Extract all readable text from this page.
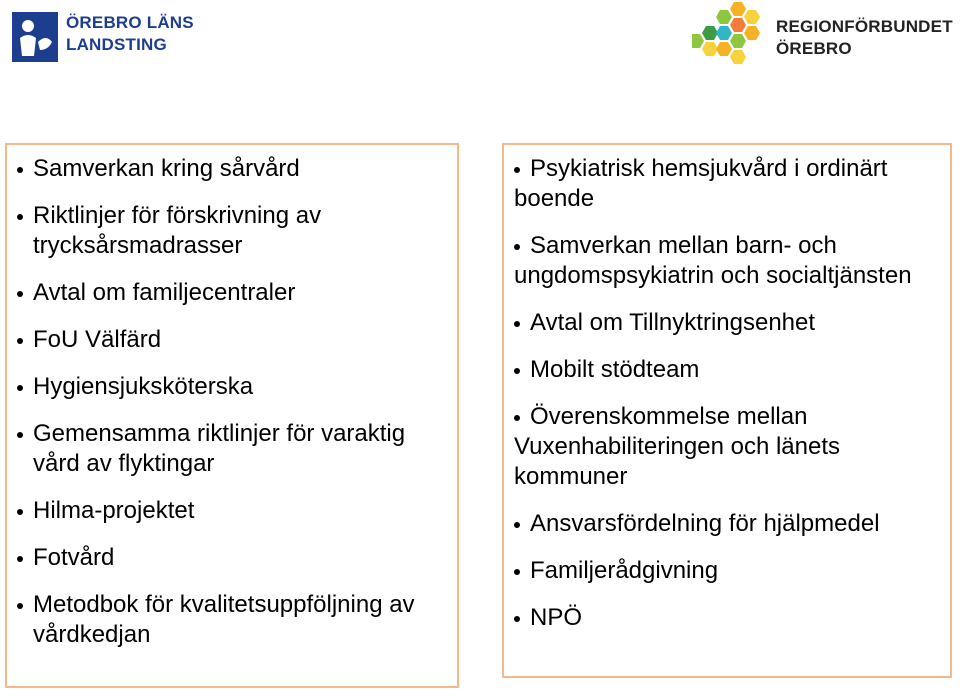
ÖREBRO LÄNS
LANDSTING
REGIONFÖRBUNDET
ÖREBRO
Samverkan kring sårvård
Riktlinjer för förskrivning av trycksårsmadrasser
Avtal om familjecentraler
FoU Välfärd
Hygiensjuksköterska
Gemensamma riktlinjer för varaktig vård av flyktingar
Hilma-projektet
Fotvård
Metodbok för kvalitetsuppföljning av vårdkedjan
Psykiatrisk hemsjukvård i ordinärt boende
Samverkan mellan barn- och ungdomspsykiatrin och socialtjänsten
Avtal om Tillnyktringsenhet
Mobilt stödteam
Överenskommelse mellan Vuxenhabiliteringen och länets kommuner
Ansvarsfördelning för hjälpmedel
Familjerådgivning
NPÖ
